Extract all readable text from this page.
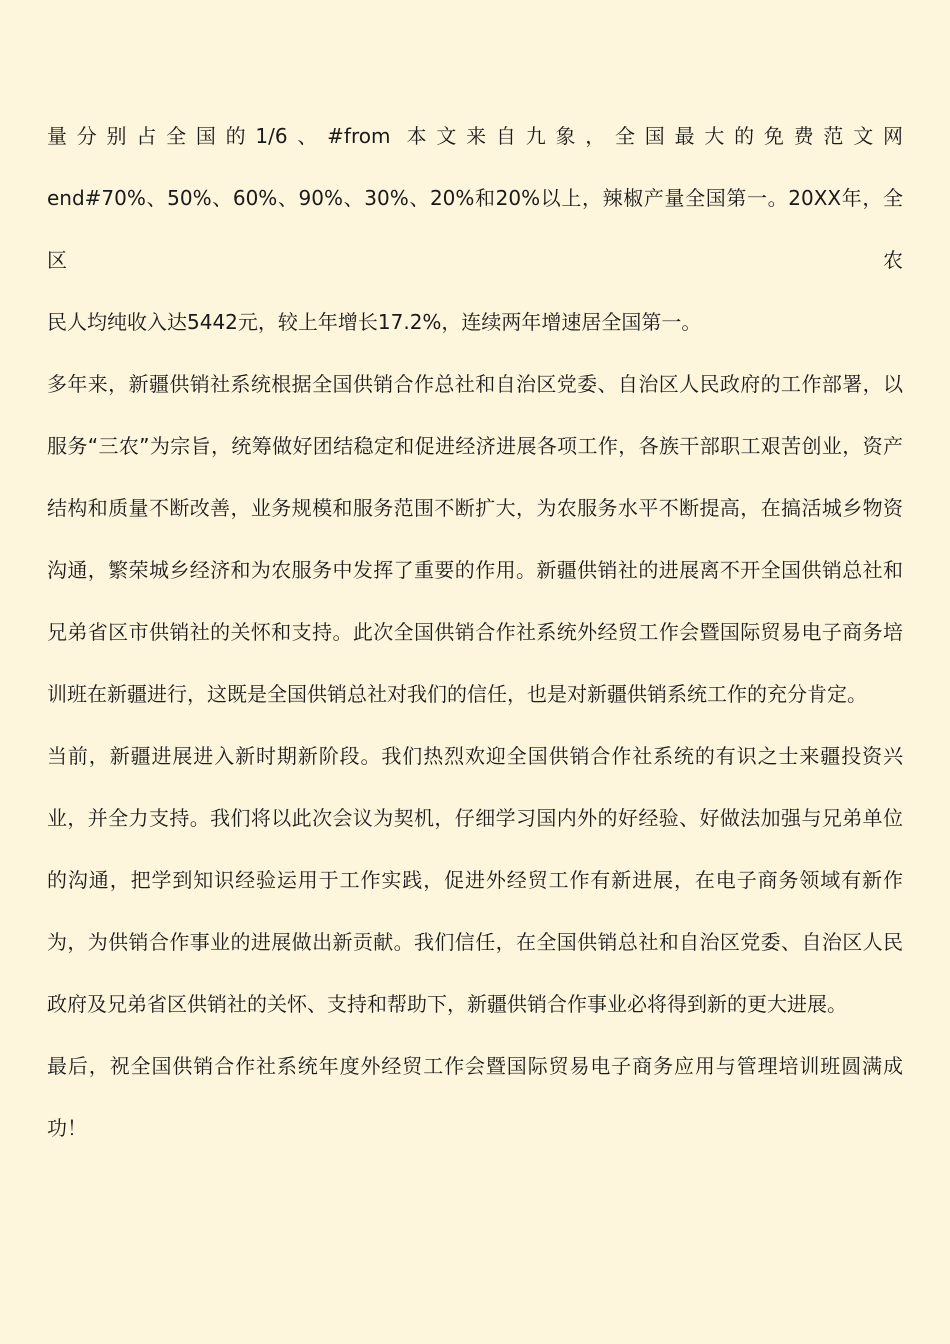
量分别占全国的1/6、#from 本文来自九象，全国最大的免费范文网
end#70%、50%、60%、90%、30%、20%和20%以上，辣椒产量全国第一。20XX年，全区农
民人均纯收入达5442元，较上年增长17.2%，连续两年增速居全国第一。

多年来，新疆供销社系统根据全国供销合作总社和自治区党委、自治区人民政府的工作部署，以服务“三农”为宗旨，统筹做好团结稳定和促进经济进展各项工作，各族干部职工艰苦创业，资产结构和质量不断改善，业务规模和服务范围不断扩大，为农服务水平不断提高，在搞活城乡物资沟通，繁荣城乡经济和为农服务中发挥了重要的作用。新疆供销社的进展离不开全国供销总社和兄弟省区市供销社的关怀和支持。此次全国供销合作社系统外经贸工作会暨国际贸易电子商务培训班在新疆进行，这既是全国供销总社对我们的信任，也是对新疆供销系统工作的充分肯定。

当前，新疆进展进入新时期新阶段。我们热烈欢迎全国供销合作社系统的有识之士来疆投资兴业，并全力支持。我们将以此次会议为契机，仔细学习国内外的好经验、好做法加强与兄弟单位的沟通，把学到知识经验运用于工作实践，促进外经贸工作有新进展，在电子商务领域有新作为，为供销合作事业的进展做出新贡献。我们信任，在全国供销总社和自治区党委、自治区人民政府及兄弟省区供销社的关怀、支持和帮助下，新疆供销合作事业必将得到新的更大进展。

最后，祝全国供销合作社系统年度外经贸工作会暨国际贸易电子商务应用与管理培训班圆满成功！
